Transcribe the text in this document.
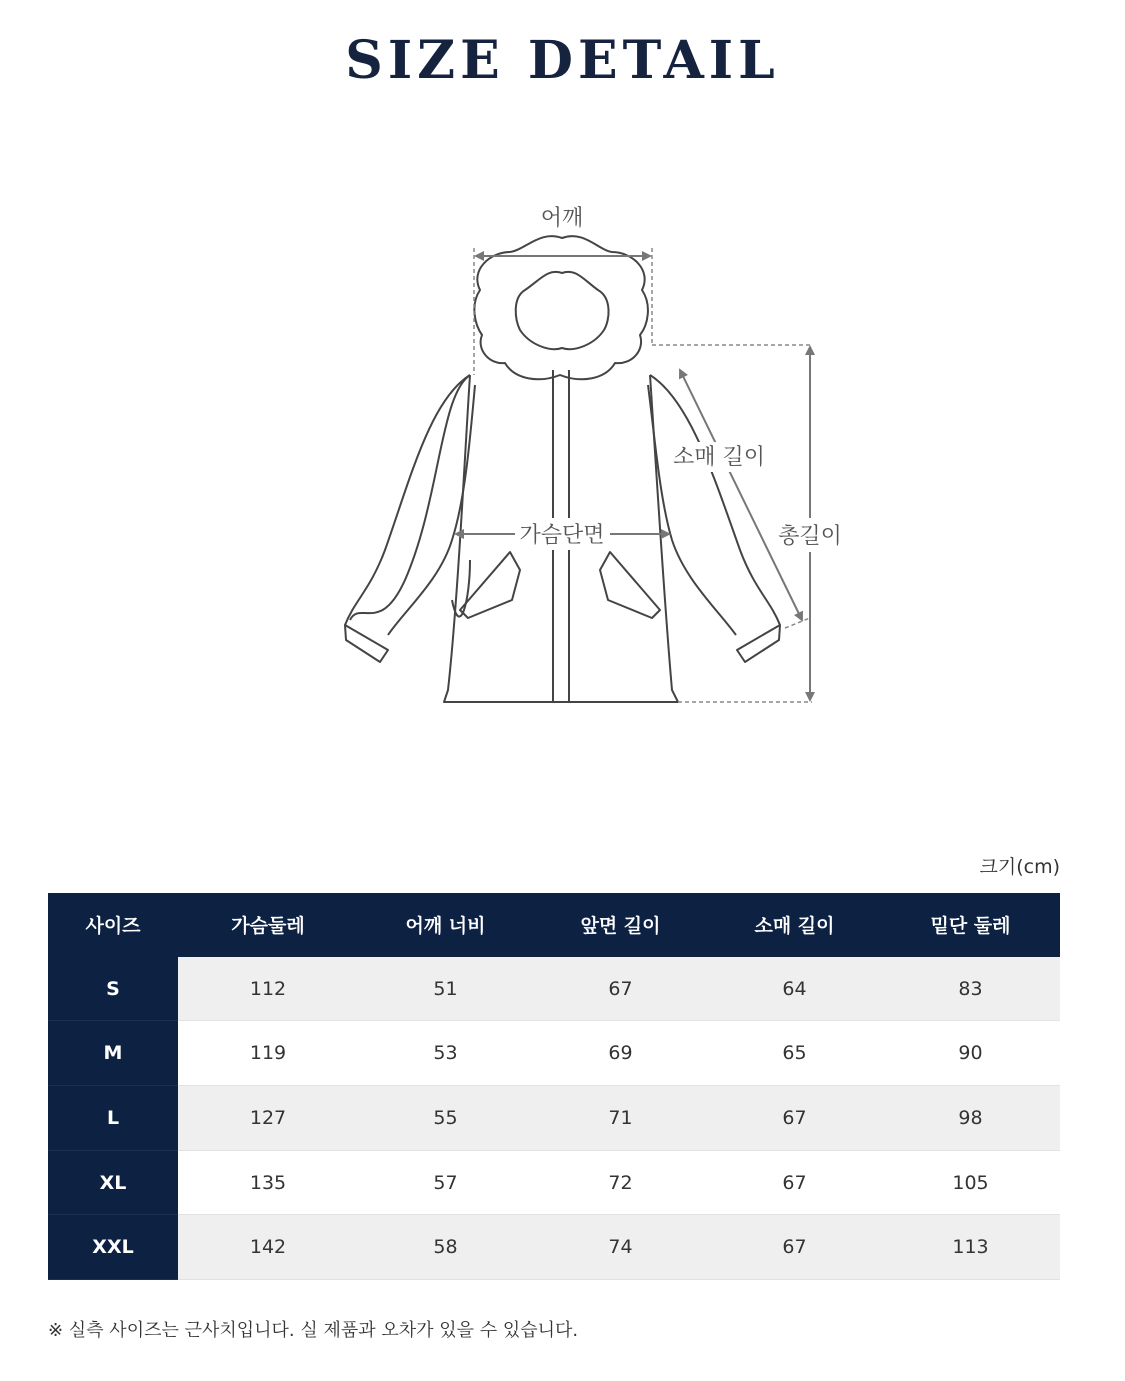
SIZE DETAIL
어깨
소매 길이
가슴단면	총길이
크기(cm)
사이즈	가슴둘레	어깨 너비	앞면 길이	소매 길이	밑단 둘레
S	112	51	67	64	83
M	119	53	69	65	90
L	127	55	71	67	98
XL	135	57	72	67	105
XXL	142	58	74	67	113
※ 실측 사이즈는 근사치입니다. 실 제품과 오차가 있을 수 있습니다.
